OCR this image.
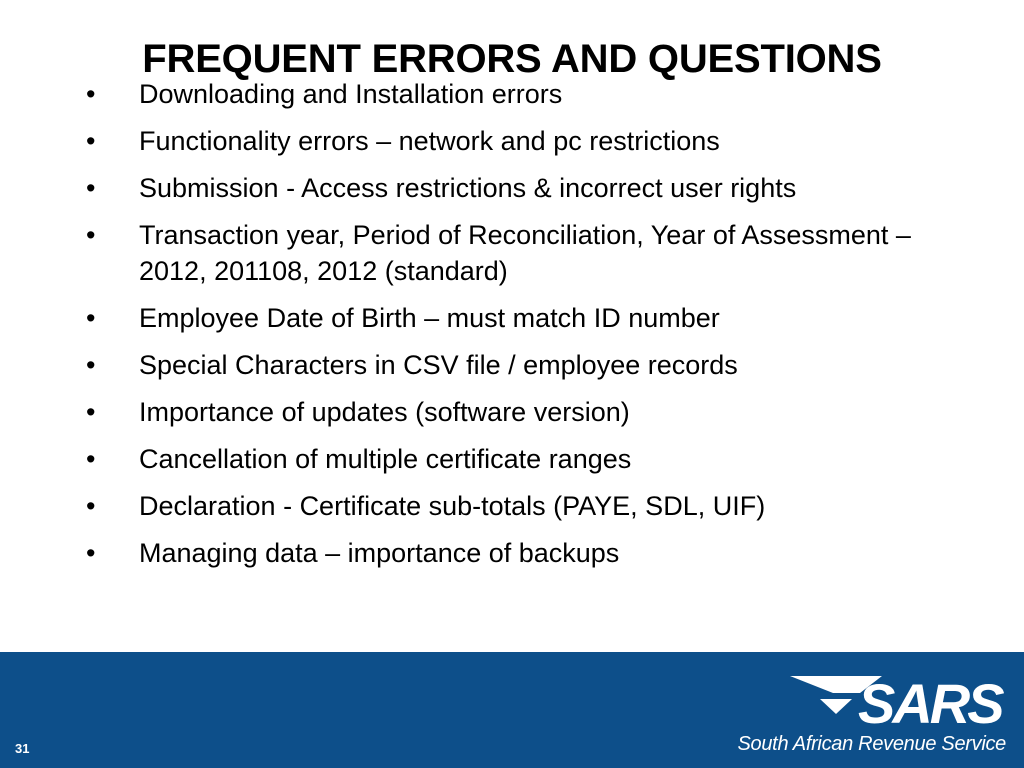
FREQUENT ERRORS AND QUESTIONS
•	Downloading and Installation errors
•	Functionality errors – network and pc restrictions
•	Submission - Access restrictions & incorrect user rights
•	Transaction year, Period of Reconciliation, Year of Assessment – 2012, 201108, 2012 (standard)
•	Employee Date of Birth – must match ID number
•	Special Characters in CSV file / employee records
•	Importance of updates (software version)
•	Cancellation of multiple certificate ranges
•	Declaration - Certificate sub-totals (PAYE, SDL, UIF)
•	Managing data – importance of backups
31
SARS
South African Revenue Service
